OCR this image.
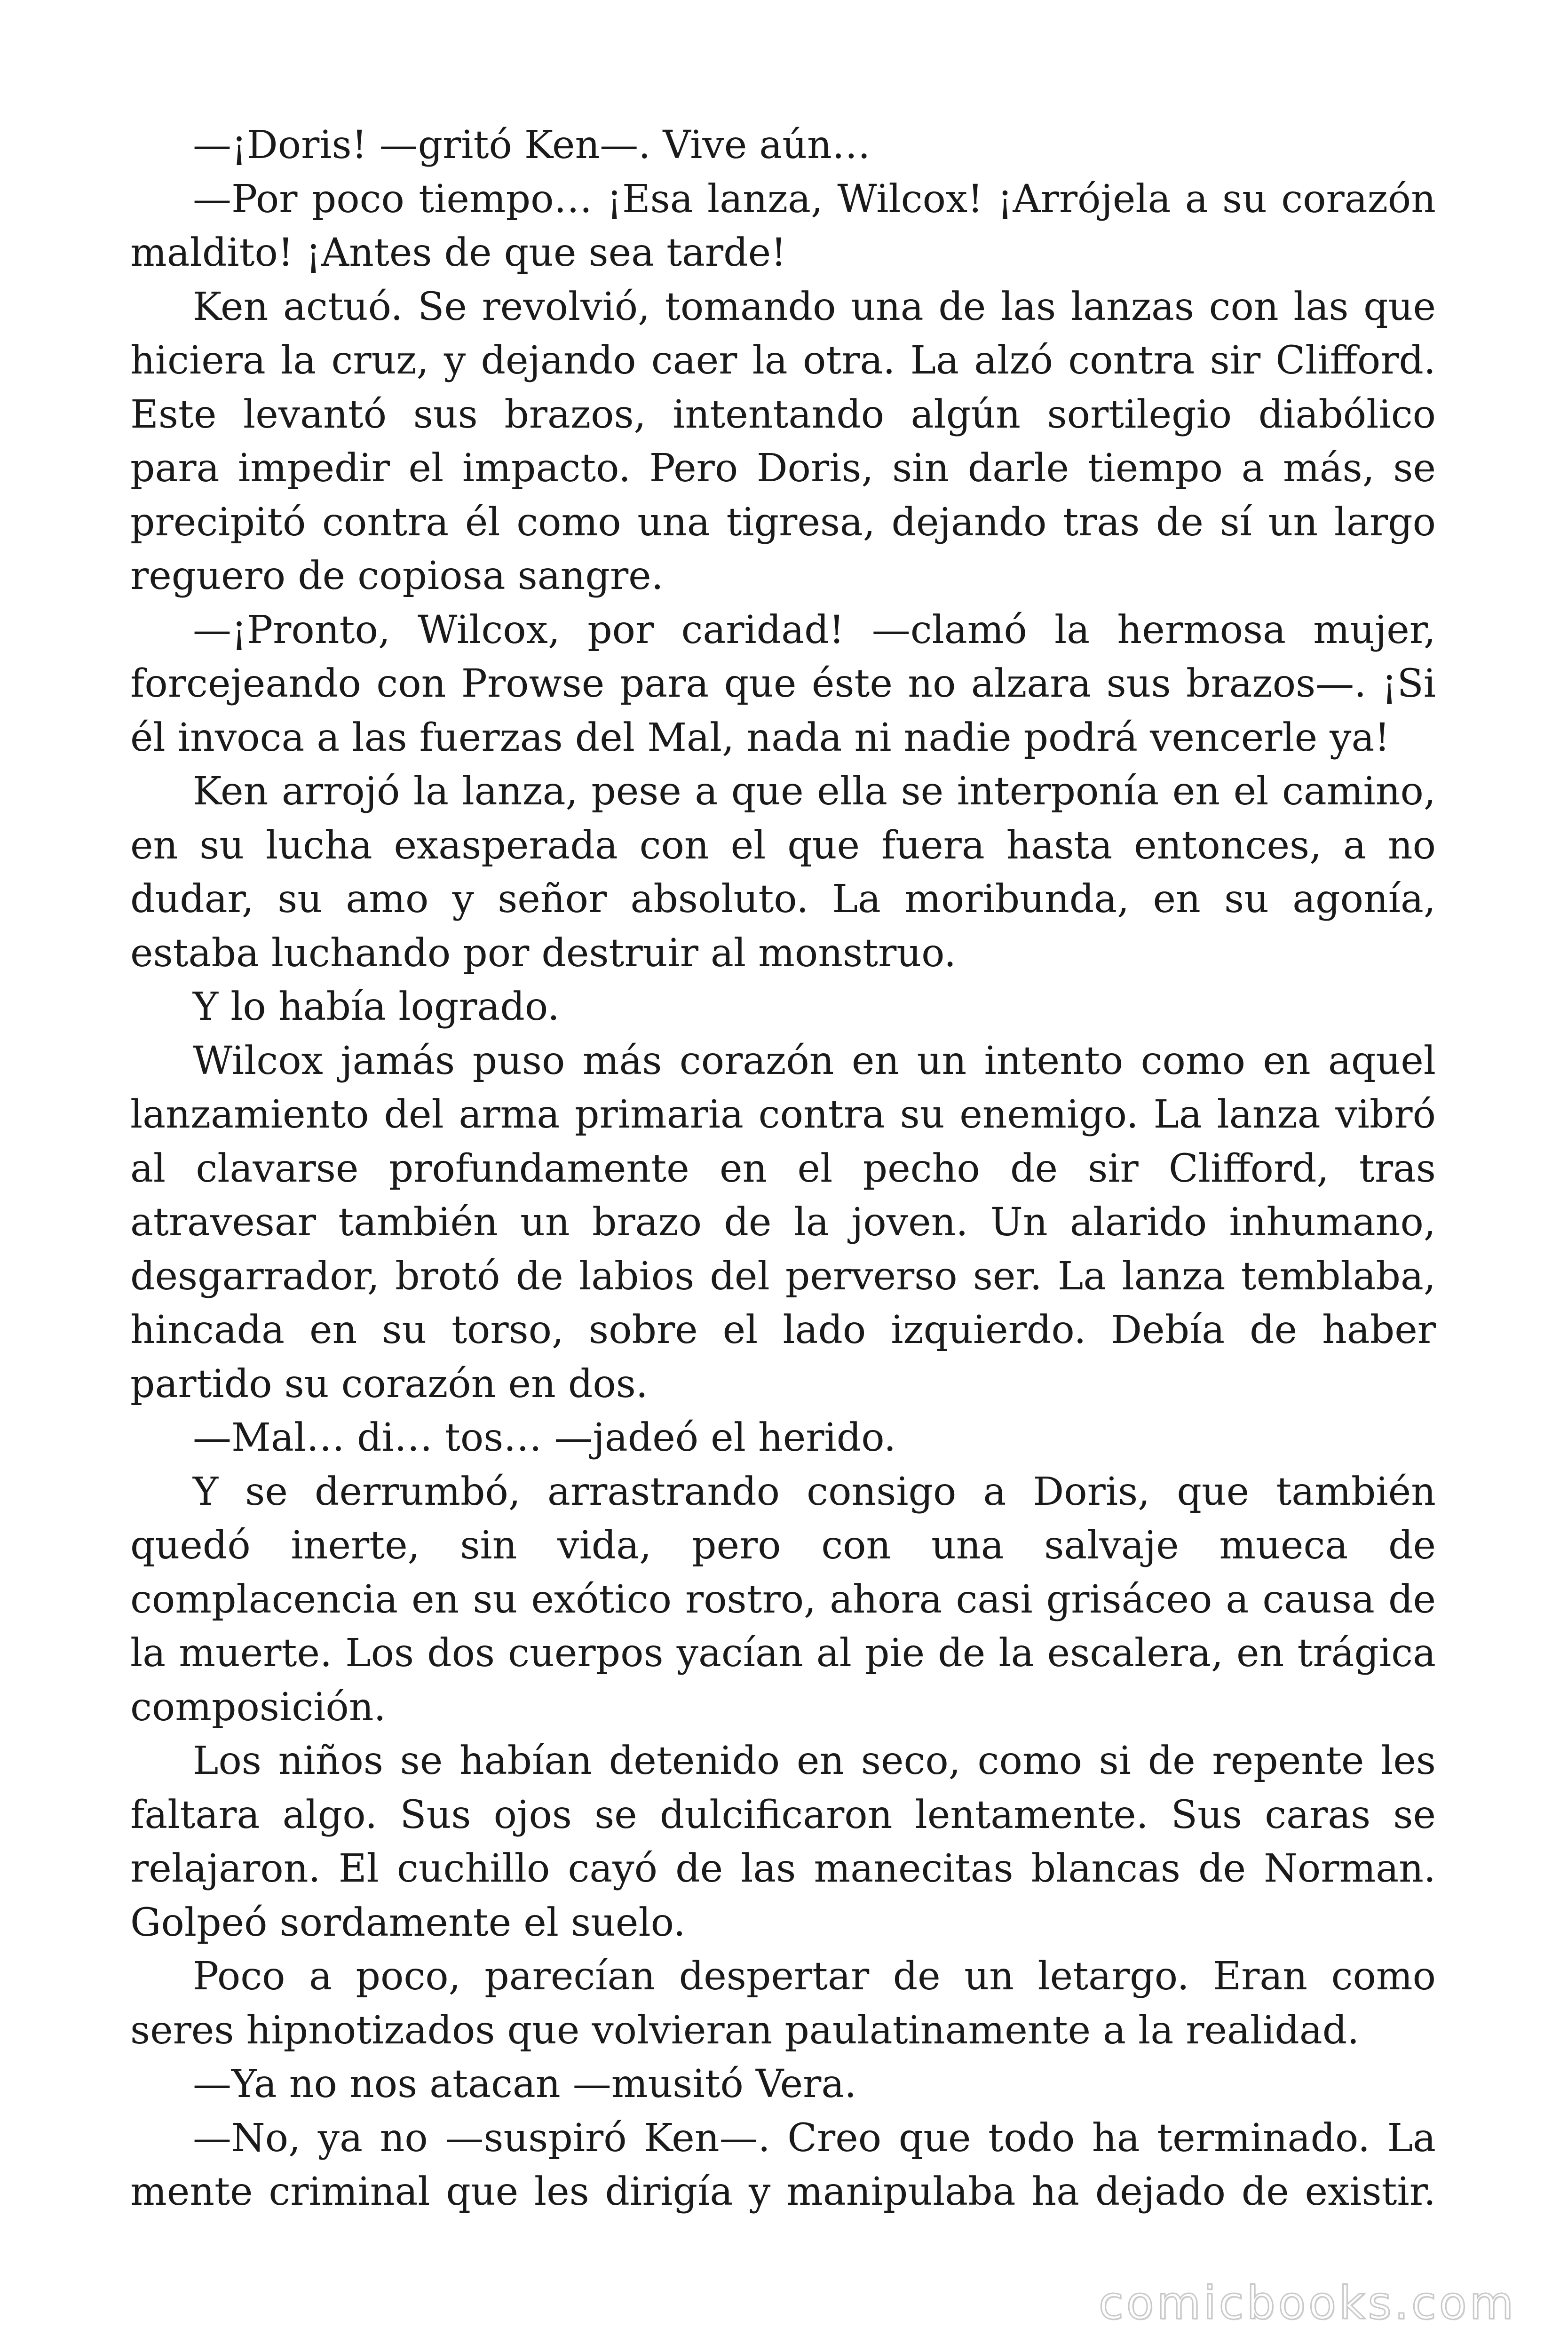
—¡Doris! —gritó Ken—. Vive aún…

—Por poco tiempo… ¡Esa lanza, Wilcox! ¡Arrójela a su corazón maldito! ¡Antes de que sea tarde!

Ken actuó. Se revolvió, tomando una de las lanzas con las que hiciera la cruz, y dejando caer la otra. La alzó contra sir Clifford. Este levantó sus brazos, intentando algún sortilegio diabólico para impedir el impacto. Pero Doris, sin darle tiempo a más, se precipitó contra él como una tigresa, dejando tras de sí un largo reguero de copiosa sangre.

—¡Pronto, Wilcox, por caridad! —clamó la hermosa mujer, forcejeando con Prowse para que éste no alzara sus brazos—. ¡Si él invoca a las fuerzas del Mal, nada ni nadie podrá vencerle ya!

Ken arrojó la lanza, pese a que ella se interponía en el camino, en su lucha exasperada con el que fuera hasta entonces, a no dudar, su amo y señor absoluto. La moribunda, en su agonía, estaba luchando por destruir al monstruo.

Y lo había logrado.

Wilcox jamás puso más corazón en un intento como en aquel lanzamiento del arma primaria contra su enemigo. La lanza vibró al clavarse profundamente en el pecho de sir Clifford, tras atravesar también un brazo de la joven. Un alarido inhumano, desgarrador, brotó de labios del perverso ser. La lanza temblaba, hincada en su torso, sobre el lado izquierdo. Debía de haber partido su corazón en dos.

—Mal… di… tos… —jadeó el herido.

Y se derrumbó, arrastrando consigo a Doris, que también quedó inerte, sin vida, pero con una salvaje mueca de complacencia en su exótico rostro, ahora casi grisáceo a causa de la muerte. Los dos cuerpos yacían al pie de la escalera, en trágica composición.

Los niños se habían detenido en seco, como si de repente les faltara algo. Sus ojos se dulcificaron lentamente. Sus caras se relajaron. El cuchillo cayó de las manecitas blancas de Norman. Golpeó sordamente el suelo.

Poco a poco, parecían despertar de un letargo. Eran como seres hipnotizados que volvieran paulatinamente a la realidad.

—Ya no nos atacan —musitó Vera.

—No, ya no —suspiró Ken—. Creo que todo ha terminado. La mente criminal que les dirigía y manipulaba ha dejado de existir.

comicbooks.com
